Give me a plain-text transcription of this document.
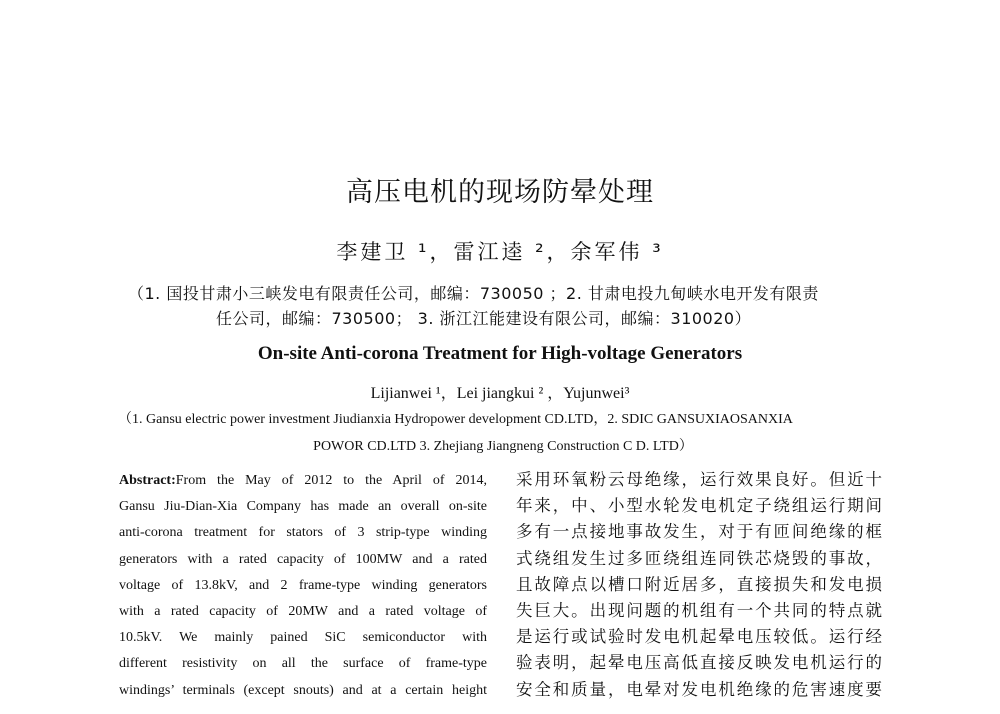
高压电机的现场防晕处理
李建卫 ¹，雷江逵 ²，余军伟 ³
（1. 国投甘肃小三峡发电有限责任公司，邮编：730050 ；2. 甘肃电投九甸峡水电开发有限责
任公司，邮编：730500； 3. 浙江江能建设有限公司，邮编：310020）
On-site Anti-corona Treatment for High-voltage Generators
Lijianwei ¹，Lei jiangkui ² ，Yujunwei³
（1. Gansu electric power investment Jiudianxia Hydropower development CD.LTD，2. SDIC GANSUXIAOSANXIA
POWOR CD.LTD 3. Zhejiang Jiangneng Construction C D. LTD）
Abstract:From the May of 2012 to the April of 2014,
Gansu Jiu-Dian-Xia Company has made an overall on-site
anti-corona treatment for stators of 3 strip-type winding
generators with a rated capacity of 100MW and a rated
voltage of 13.8kV, and 2 frame-type winding generators
with a rated capacity of 20MW and a rated voltage of
10.5kV. We mainly pained SiC semiconductor with
different resistivity on all the surface of frame-type
windings’ terminals (except snouts) and at a certain height
采用环氧粉云母绝缘，运行效果良好。但近十
年来，中、小型水轮发电机定子绕组运行期间
多有一点接地事故发生，对于有匝间绝缘的框
式绕组发生过多匝绕组连同铁芯烧毁的事故，
且故障点以槽口附近居多，直接损失和发电损
失巨大。出现问题的机组有一个共同的特点就
是运行或试验时发电机起晕电压较低。运行经
验表明，起晕电压高低直接反映发电机运行的
安全和质量，电晕对发电机绝缘的危害速度要
